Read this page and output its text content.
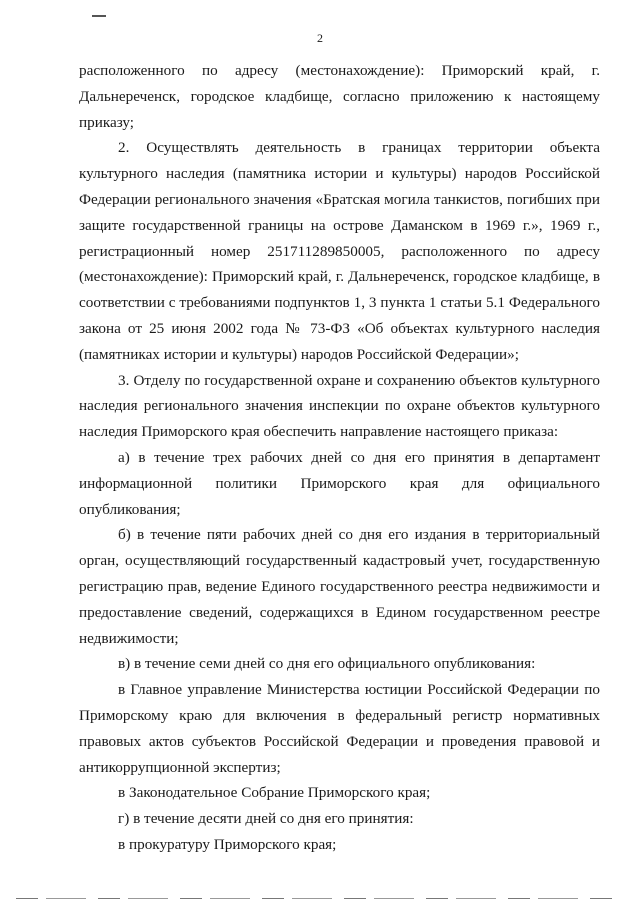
2

расположенного по адресу (местонахождение): Приморский край, г. Дальнереченск, городское кладбище, согласно приложению к настоящему приказу;

2. Осуществлять деятельность в границах территории объекта культурного наследия (памятника истории и культуры) народов Российской Федерации регионального значения «Братская могила танкистов, погибших при защите государственной границы на острове Даманском в 1969 г.», 1969 г., регистрационный номер 251711289850005, расположенного по адресу (местонахождение): Приморский край, г. Дальнереченск, городское кладбище, в соответствии с требованиями подпунктов 1, 3 пункта 1 статьи 5.1 Федерального закона от 25 июня 2002 года № 73-ФЗ «Об объектах культурного наследия (памятниках истории и культуры) народов Российской Федерации»;

3. Отделу по государственной охране и сохранению объектов культурного наследия регионального значения инспекции по охране объектов культурного наследия Приморского края обеспечить направление настоящего приказа:

а) в течение трех рабочих дней со дня его принятия в департамент информационной политики Приморского края для официального опубликования;

б) в течение пяти рабочих дней со дня его издания в территориальный орган, осуществляющий государственный кадастровый учет, государственную регистрацию прав, ведение Единого государственного реестра недвижимости и предоставление сведений, содержащихся в Едином государственном реестре недвижимости;

в) в течение семи дней со дня его официального опубликования:

в Главное управление Министерства юстиции Российской Федерации по Приморскому краю для включения в федеральный регистр нормативных правовых актов субъектов Российской Федерации и проведения правовой и антикоррупционной экспертиз;

в Законодательное Собрание Приморского края;

г) в течение десяти дней со дня его принятия:

в прокуратуру Приморского края;
